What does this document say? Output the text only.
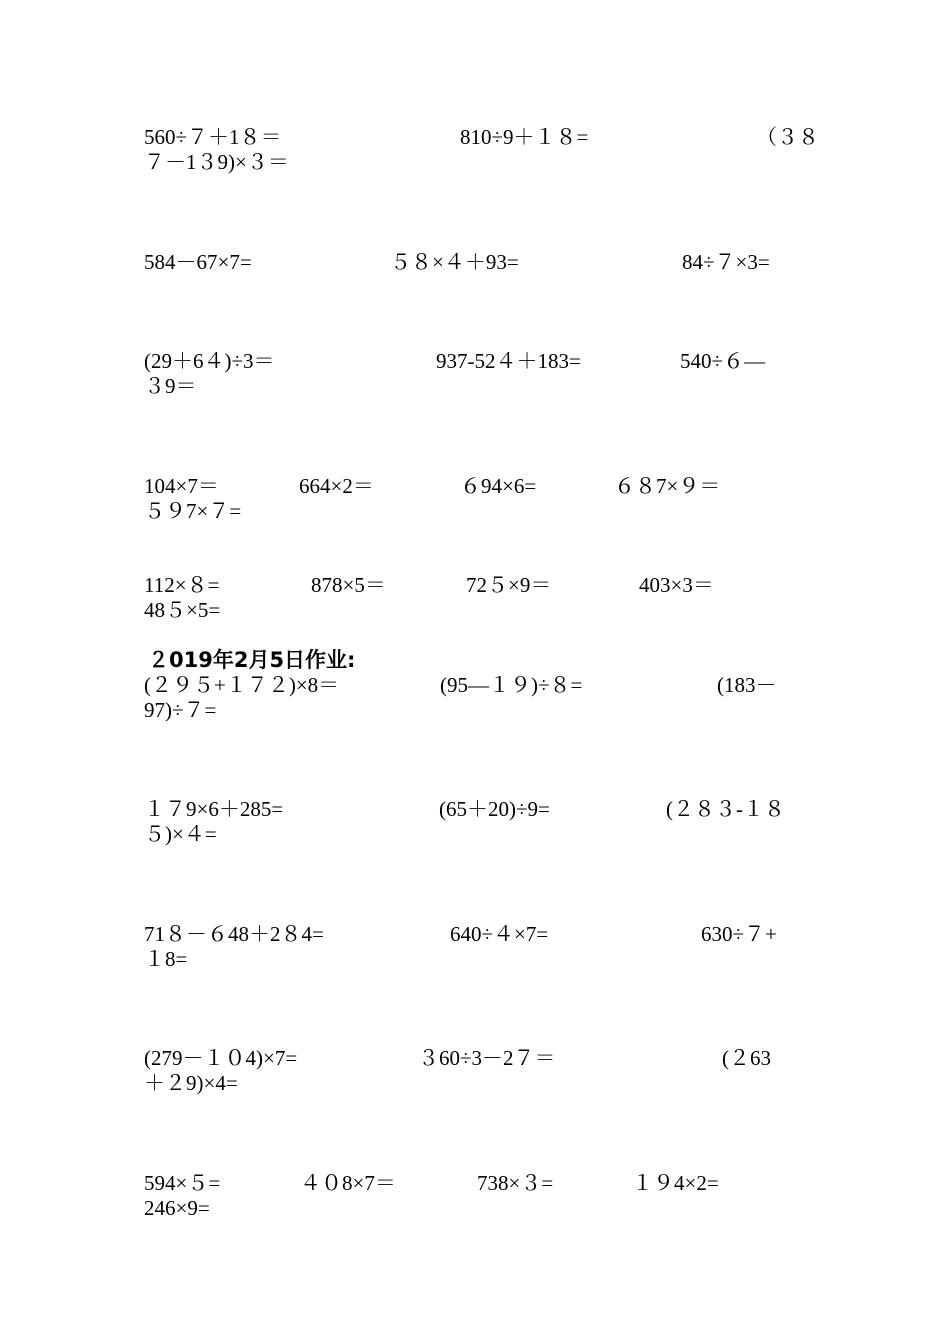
560÷７＋1８＝	810÷9＋１８=	（３８
７－1３9)×３＝
584－67×7=	５８×４＋93=	84÷７×3=
(29＋6４)÷3＝	937-52４＋183=	540÷６—
３9＝
104×7＝	664×2＝	６94×6=	６８7×９＝
５９7×７=
112×８=	878×5＝	72５×9＝	403×3＝
48５×5=
２019年2月5日作业:
(２９５+１７２)×8＝	(95—１９)÷８=	(183－
97)÷７=
１７9×6＋285=	(65＋20)÷9=	(２８３-１８
５)×４=
71８－６48＋2８4=	640÷４×7=	630÷７+
１8=
(279－１０4)×7=	３60÷3－2７＝	(２63
＋２9)×4=
594×５=	４０8×7＝	738×３=	１９4×2=
246×9=
